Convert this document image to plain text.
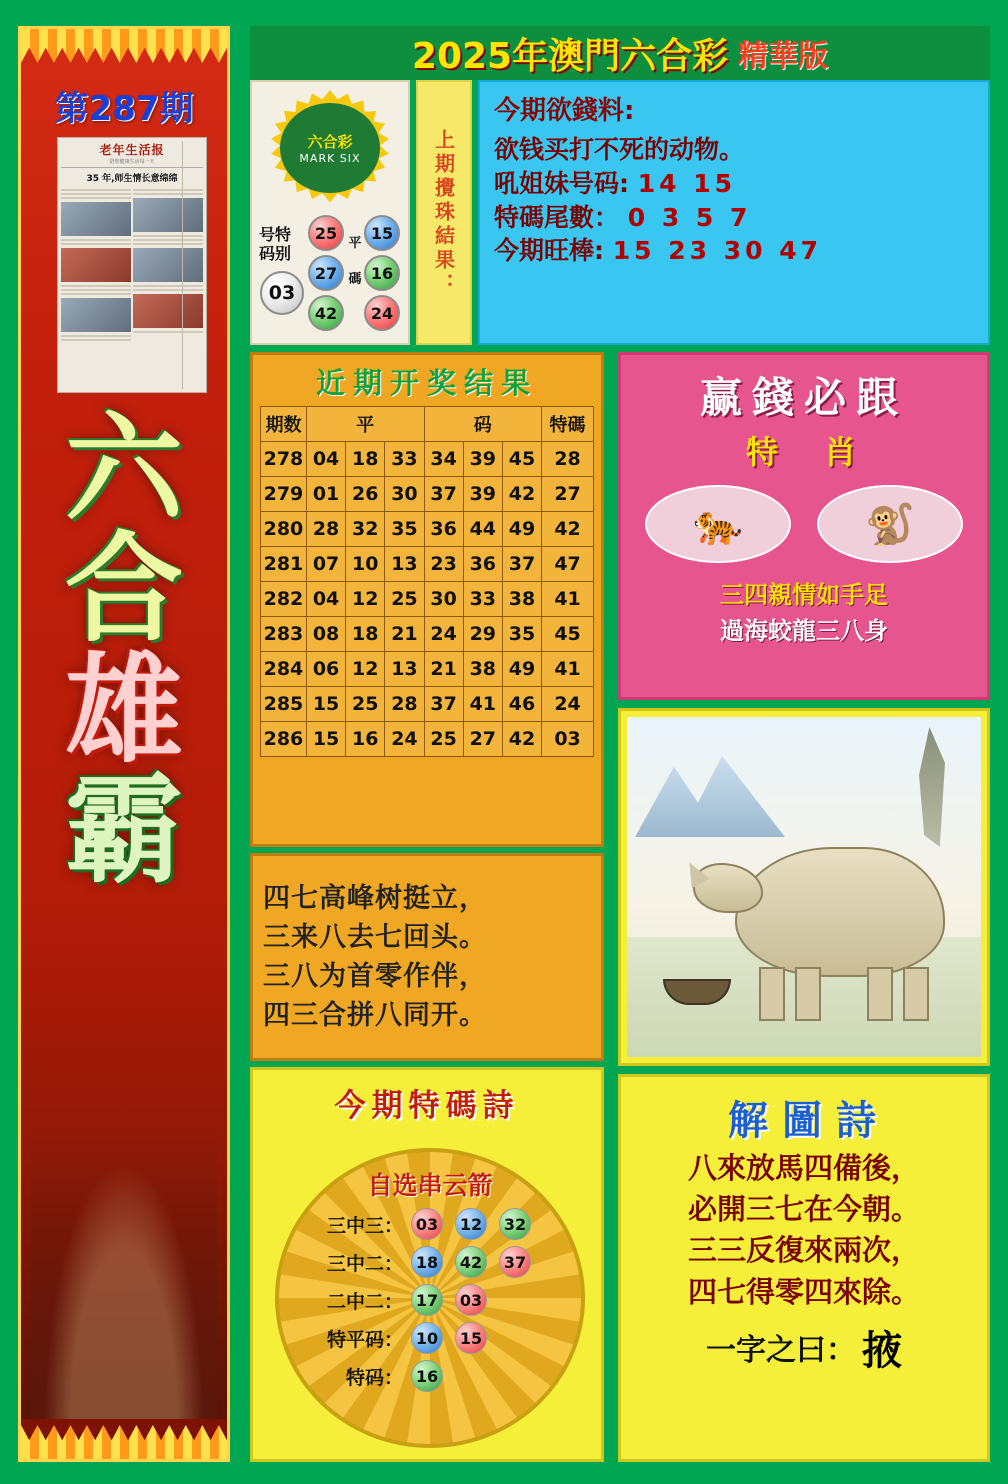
第287期
老年生活报
陪您健康生活每一天
35 年,师生情长意绵绵
六
合
雄
霸
2025年澳門六合彩 精華版
六合彩
MARK SIX
号特
码别
03
25	15
27	16
42	24
平
碼	上期攪珠結果：
今期欲錢料:
欲钱买打不死的动物。
吼姐妹号码: 14 15
特碼尾數： 0 3 5 7
今期旺棒: 15 23 30 47
近期开奖结果
期数	平			码			特碼
278	04	18	33	34	39	45	28
279	01	26	30	37	39	42	27
280	28	32	35	36	44	49	42
281	07	10	13	23	36	37	47
282	04	12	25	30	33	38	41
283	08	18	21	24	29	35	45
284	06	12	13	21	38	49	41
285	15	25	28	37	41	46	24
286	15	16	24	25	27	42	03
四七高峰树挺立，
三来八去七回头。
三八为首零作伴，
四三合拼八同开。
今期特碼詩
自选串云箭
三中三： 03	12	32
三中二： 18	42	37
二中二： 17	03
特平码： 10	15
特码： 16
赢錢必跟
特肖
🐅	🐒
三四親情如手足
過海蛟龍三八身
解圖詩
八來放馬四備後，
必開三七在今朝。
三三反復來兩次，
四七得零四來除。
一字之曰： 掖
